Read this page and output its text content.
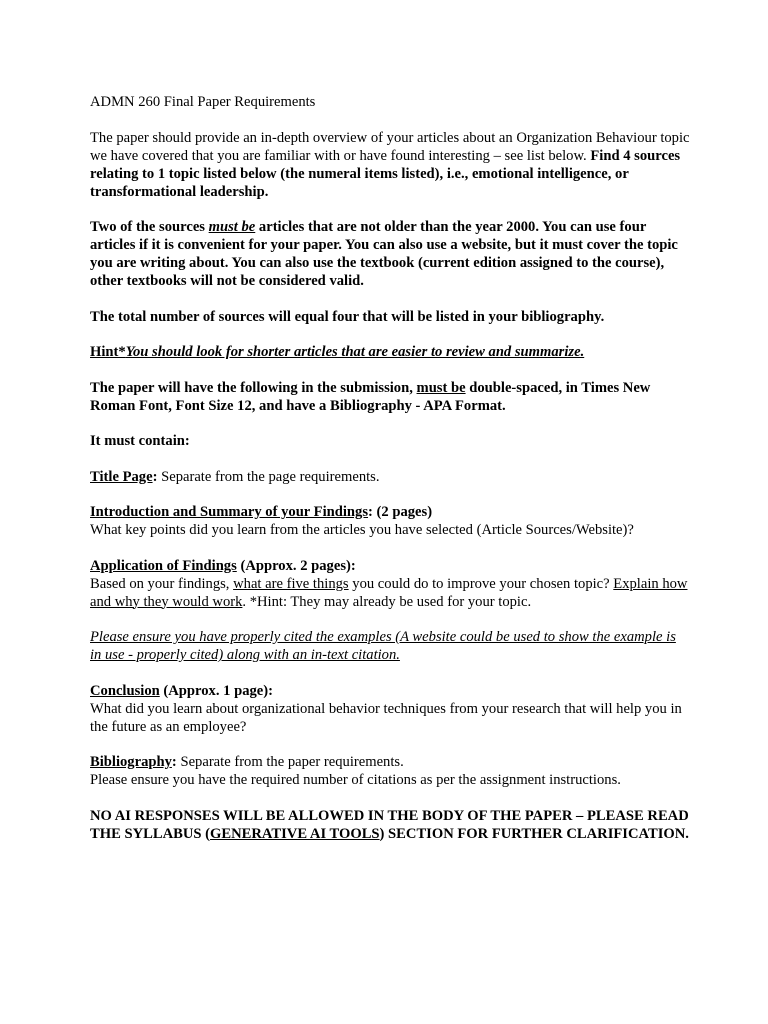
ADMN 260 Final Paper Requirements

The paper should provide an in-depth overview of your articles about an Organization Behaviour topic we have covered that you are familiar with or have found interesting – see list below. Find 4 sources relating to 1 topic listed below (the numeral items listed), i.e., emotional intelligence, or transformational leadership.

Two of the sources must be articles that are not older than the year 2000. You can use four articles if it is convenient for your paper. You can also use a website, but it must cover the topic you are writing about. You can also use the textbook (current edition assigned to the course), other textbooks will not be considered valid.

The total number of sources will equal four that will be listed in your bibliography.

Hint*You should look for shorter articles that are easier to review and summarize.

The paper will have the following in the submission, must be double-spaced, in Times New Roman Font, Font Size 12, and have a Bibliography - APA Format.

It must contain:

Title Page: Separate from the page requirements.

Introduction and Summary of your Findings: (2 pages)
What key points did you learn from the articles you have selected (Article Sources/Website)?

Application of Findings (Approx. 2 pages):
Based on your findings, what are five things you could do to improve your chosen topic? Explain how and why they would work. *Hint: They may already be used for your topic.

Please ensure you have properly cited the examples (A website could be used to show the example is in use - properly cited) along with an in-text citation.

Conclusion (Approx. 1 page):
What did you learn about organizational behavior techniques from your research that will help you in the future as an employee?

Bibliography: Separate from the paper requirements.
Please ensure you have the required number of citations as per the assignment instructions.

NO AI RESPONSES WILL BE ALLOWED IN THE BODY OF THE PAPER – PLEASE READ THE SYLLABUS (GENERATIVE AI TOOLS) SECTION FOR FURTHER CLARIFICATION.
